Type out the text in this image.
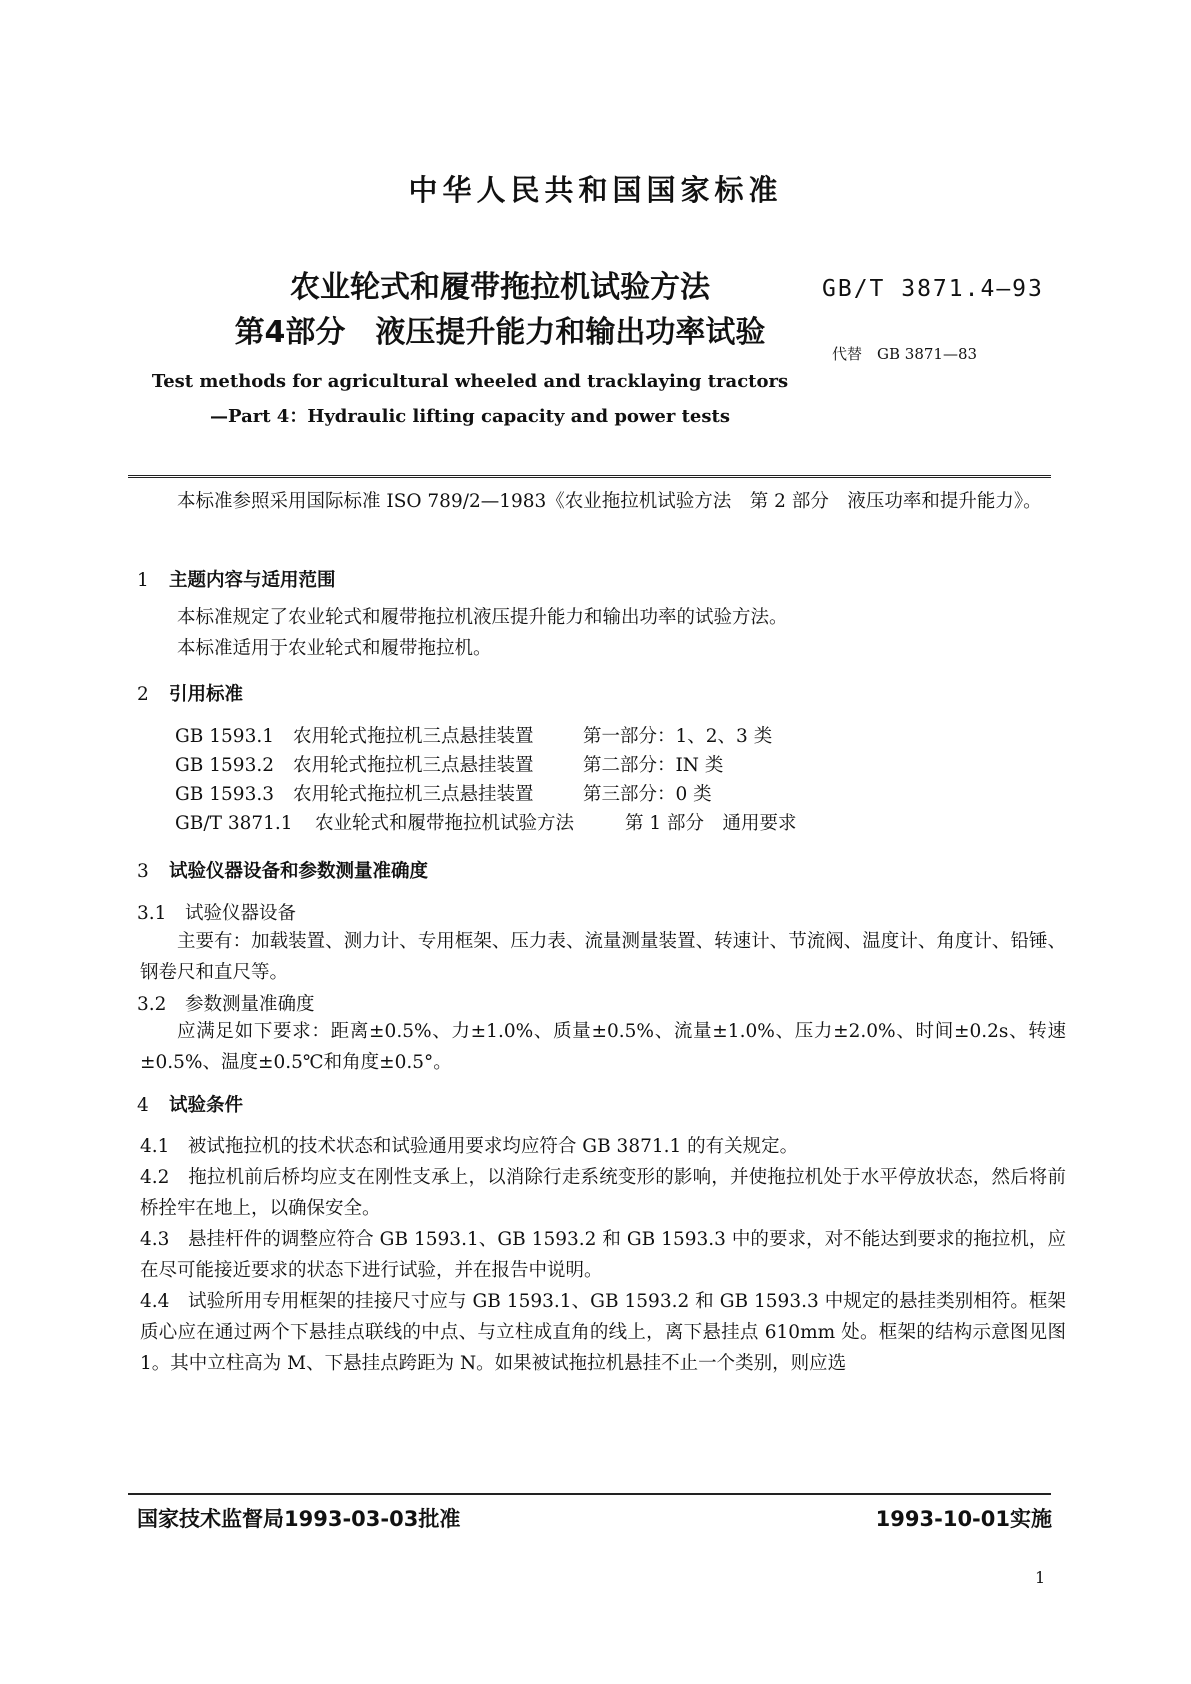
中华人民共和国国家标准
农业轮式和履带拖拉机试验方法
第4部分　液压提升能力和输出功率试验
GB/T 3871.4—93
代替　GB 3871—83
Test methods for agricultural wheeled and tracklaying tractors
—Part 4：Hydraulic lifting capacity and power tests
本标准参照采用国际标准 ISO 789/2—1983《农业拖拉机试验方法　第 2 部分　液压功率和提升能力》。
1 主题内容与适用范围
本标准规定了农业轮式和履带拖拉机液压提升能力和输出功率的试验方法。
本标准适用于农业轮式和履带拖拉机。
2 引用标准
GB 1593.1 农用轮式拖拉机三点悬挂装置	第一部分：1、2、3 类
GB 1593.2 农用轮式拖拉机三点悬挂装置	第二部分：IN 类
GB 1593.3 农用轮式拖拉机三点悬挂装置	第三部分：0 类
GB/T 3871.1 农业轮式和履带拖拉机试验方法	第 1 部分　通用要求
3 试验仪器设备和参数测量准确度
3.1 试验仪器设备
主要有：加载装置、测力计、专用框架、压力表、流量测量装置、转速计、节流阀、温度计、角度计、铅锤、钢卷尺和直尺等。
3.2 参数测量准确度
应满足如下要求：距离±0.5%、力±1.0%、质量±0.5%、流量±1.0%、压力±2.0%、时间±0.2s、转速±0.5%、温度±0.5℃和角度±0.5°。
4 试验条件
4.1　被试拖拉机的技术状态和试验通用要求均应符合 GB 3871.1 的有关规定。
4.2　拖拉机前后桥均应支在刚性支承上，以消除行走系统变形的影响，并使拖拉机处于水平停放状态，然后将前桥拴牢在地上，以确保安全。
4.3　悬挂杆件的调整应符合 GB 1593.1、GB 1593.2 和 GB 1593.3 中的要求，对不能达到要求的拖拉机，应在尽可能接近要求的状态下进行试验，并在报告中说明。
4.4　试验所用专用框架的挂接尺寸应与 GB 1593.1、GB 1593.2 和 GB 1593.3 中规定的悬挂类别相符。框架质心应在通过两个下悬挂点联线的中点、与立柱成直角的线上，离下悬挂点 610mm 处。框架的结构示意图见图 1。其中立柱高为 M、下悬挂点跨距为 N。如果被试拖拉机悬挂不止一个类别，则应选
国家技术监督局1993-03-03批准	1993-10-01实施
1
